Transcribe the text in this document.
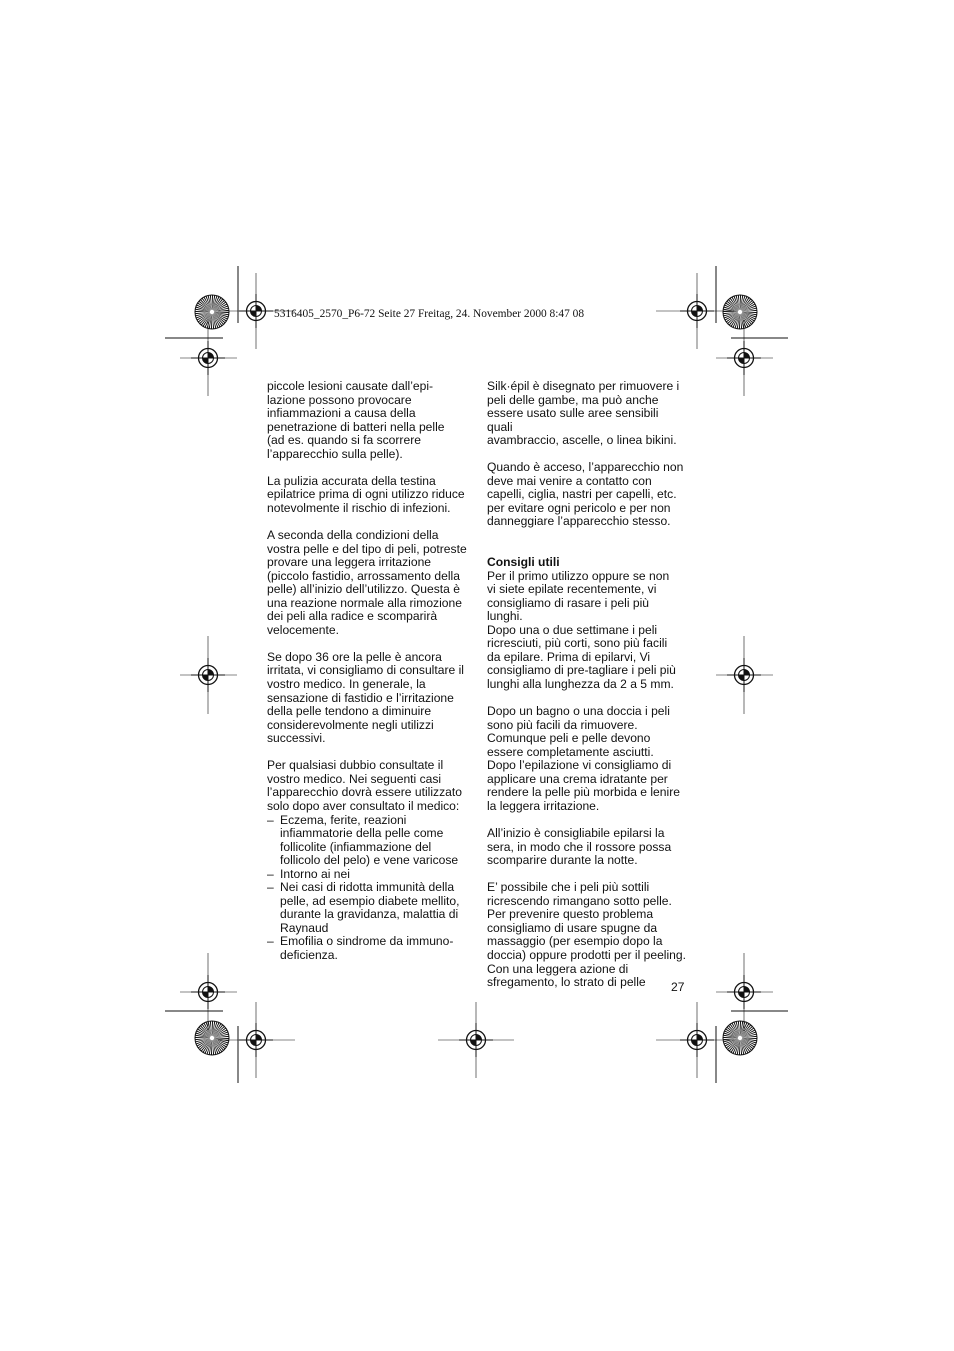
5316405_2570_P6-72 Seite 27 Freitag, 24. November 2000 8:47 08

piccole lesioni causate dall’epi-
lazione possono provocare
infiammazioni a causa della
penetrazione di batteri nella pelle
(ad es. quando si fa scorrere
l’apparecchio sulla pelle).

La pulizia accurata della testina
epilatrice prima di ogni utilizzo riduce
notevolmente il rischio di infezioni.

A seconda della condizioni della
vostra pelle e del tipo di peli, potreste
provare una leggera irritazione
(piccolo fastidio, arrossamento della
pelle) all’inizio dell’utilizzo. Questa è
una reazione normale alla rimozione
dei peli alla radice e scomparirà
velocemente.

Se dopo 36 ore la pelle è ancora
irritata, vi consigliamo di consultare il
vostro medico. In generale, la
sensazione di fastidio e l’irritazione
della pelle tendono a diminuire
considerevolmente negli utilizzi
successivi.

Per qualsiasi dubbio consultate il
vostro medico. Nei seguenti casi
l’apparecchio dovrà essere utilizzato
solo dopo aver consultato il medico:

– Eczema, ferite, reazioni
infiammatorie della pelle come
follicolite (infiammazione del
follicolo del pelo) e vene varicose
– Intorno ai nei
– Nei casi di ridotta immunità della
pelle, ad esempio diabete mellito,
durante la gravidanza, malattia di
Raynaud
– Emofilia o sindrome da immuno-
deficienza.

Silk·épil è disegnato per rimuovere i
peli delle gambe, ma può anche
essere usato sulle aree sensibili quali
avambraccio, ascelle, o linea bikini.

Quando è acceso, l’apparecchio non
deve mai venire a contatto con
capelli, ciglia, nastri per capelli, etc.
per evitare ogni pericolo e per non
danneggiare l’apparecchio stesso.

Consigli utili

Per il primo utilizzo oppure se non
vi siete epilate recentemente, vi
consigliamo di rasare i peli più lunghi.
Dopo una o due settimane i peli
ricresciuti, più corti, sono più facili
da epilare. Prima di epilarvi, Vi
consigliamo di pre-tagliare i peli più
lunghi alla lunghezza da 2 a 5 mm.

Dopo un bagno o una doccia i peli
sono più facili da rimuovere.
Comunque peli e pelle devono
essere completamente asciutti.
Dopo l’epilazione vi consigliamo di
applicare una crema idratante per
rendere la pelle più morbida e lenire
la leggera irritazione.

All’inizio è consigliabile epilarsi la
sera, in modo che il rossore possa
scomparire durante la notte.

E’ possibile che i peli più sottili
ricrescendo rimangano sotto pelle.
Per prevenire questo problema
consigliamo di usare spugne da
massaggio (per esempio dopo la
doccia) oppure prodotti per il peeling.
Con una leggera azione di
sfregamento, lo strato di pelle	27
